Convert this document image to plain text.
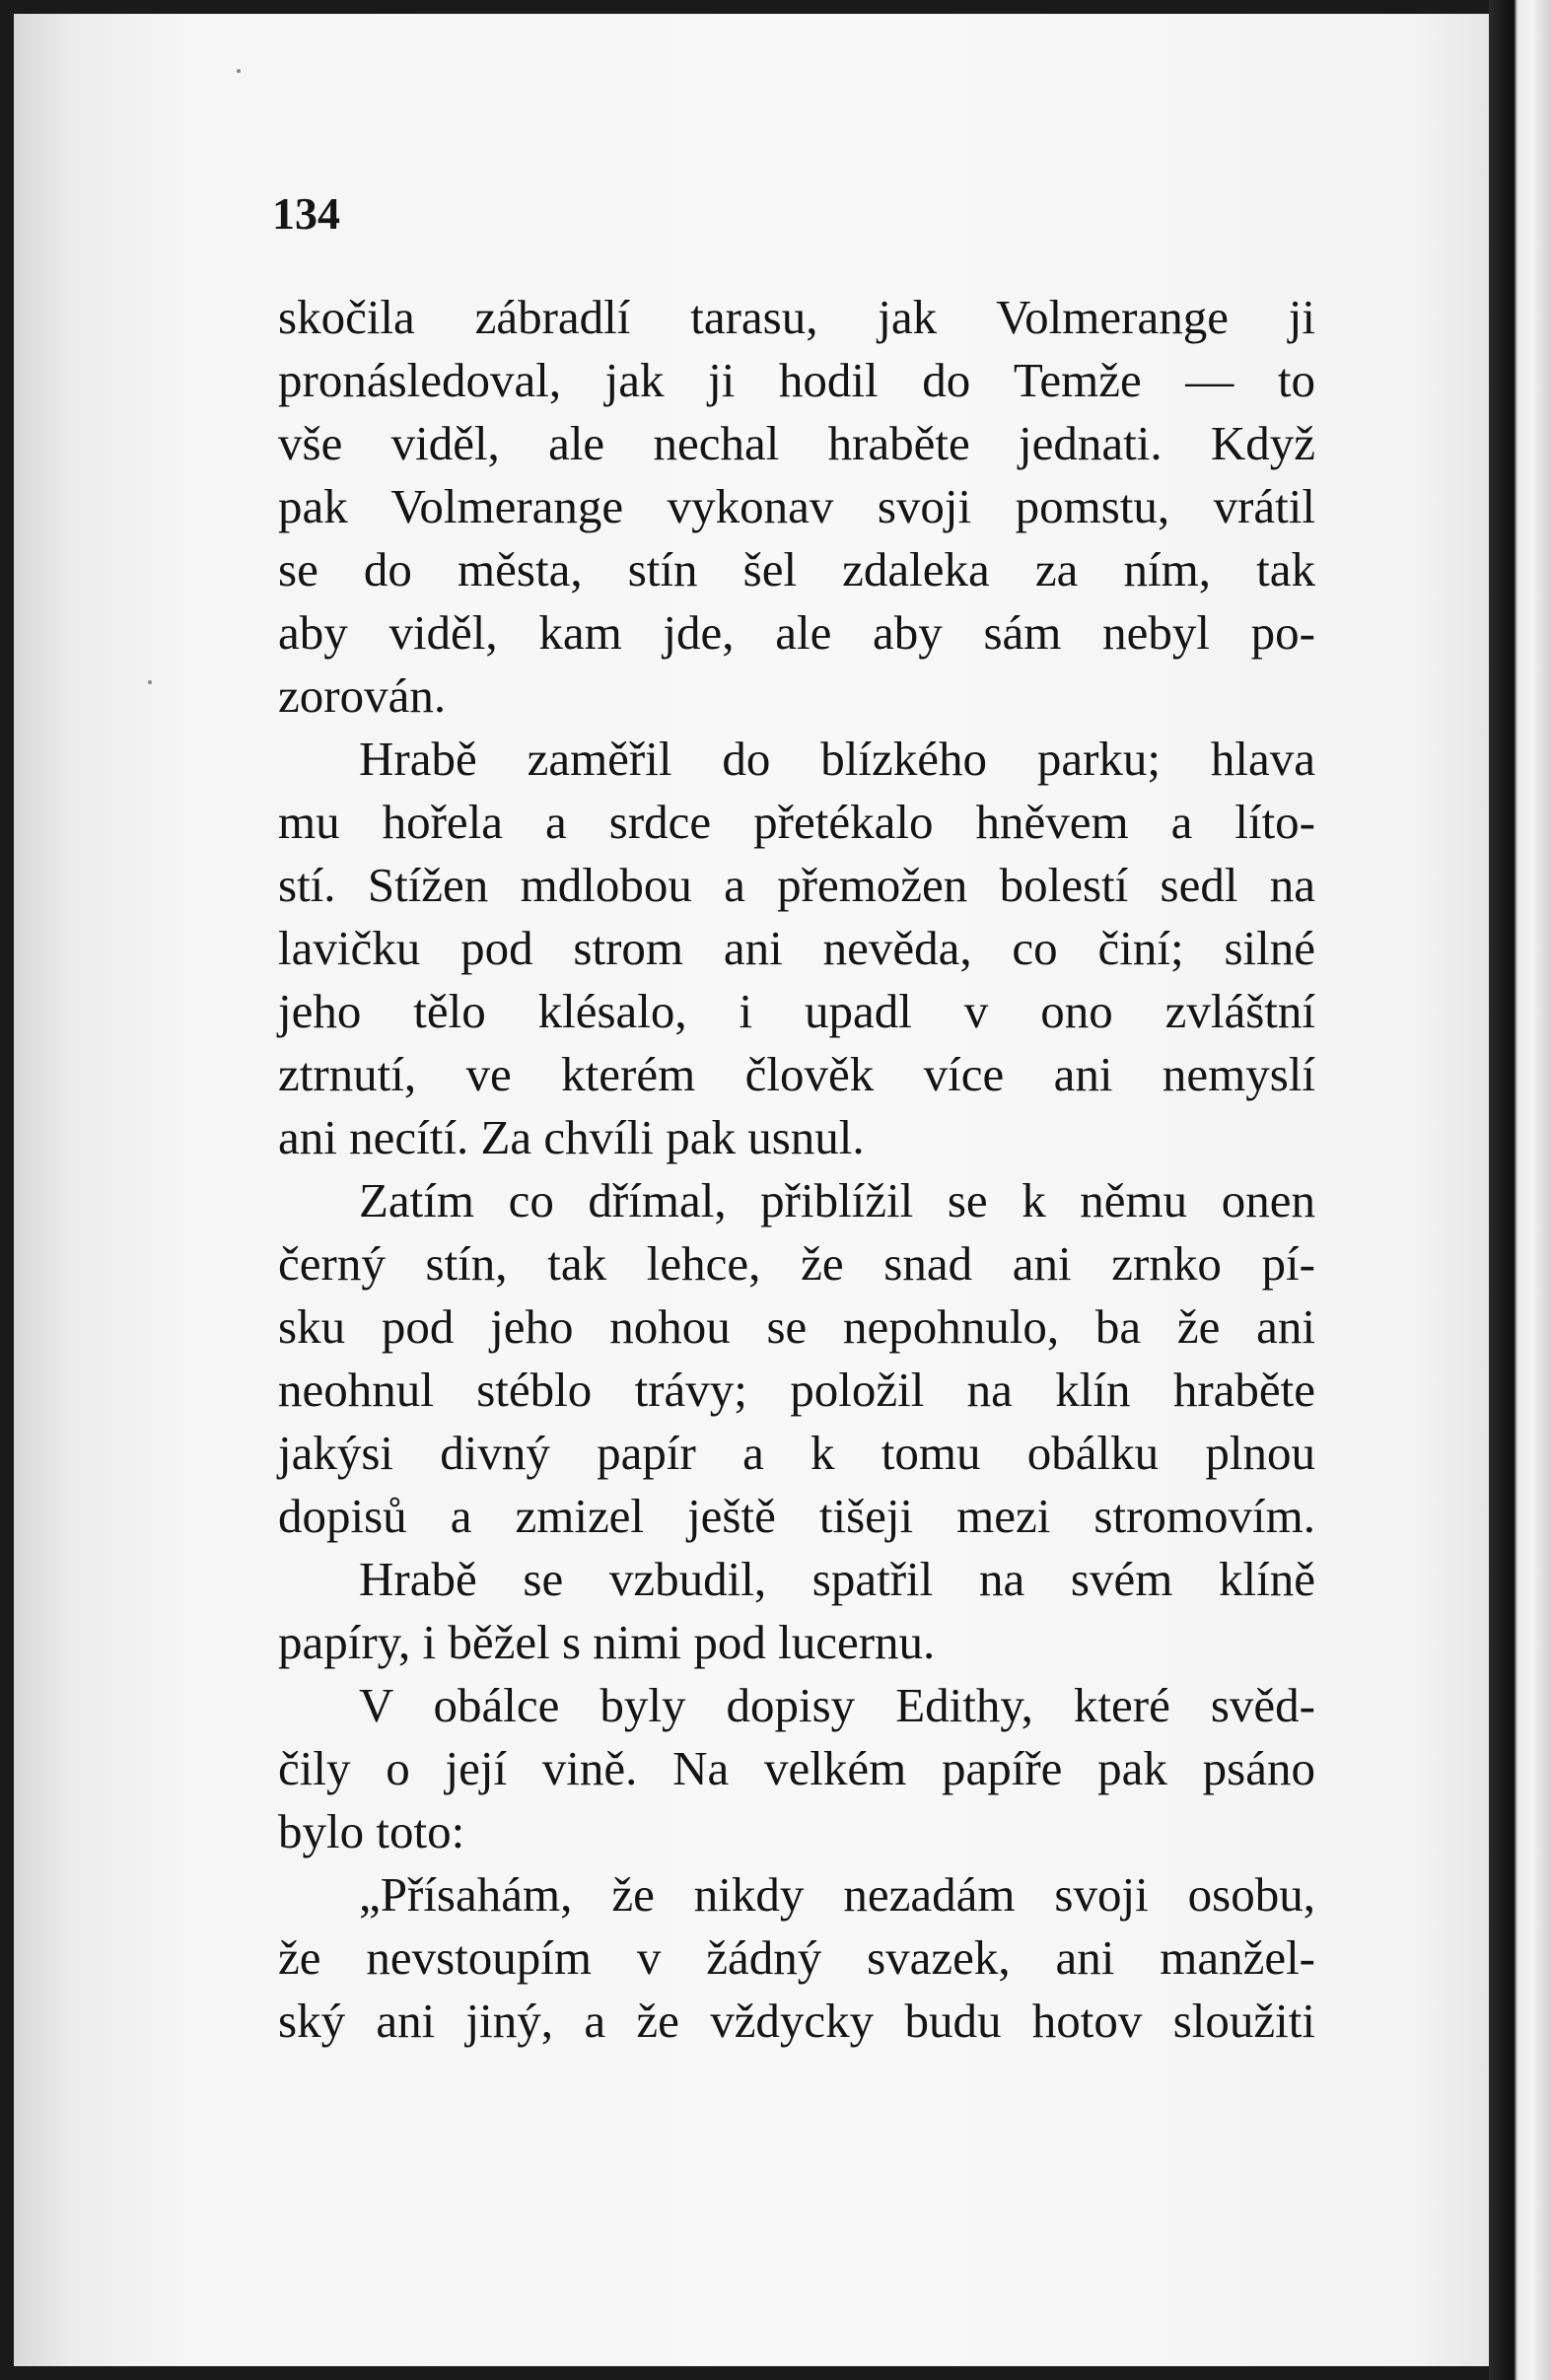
134
skočila zábradlí tarasu, jak Volmerange ji
pronásledoval, jak ji hodil do Temže — to
vše viděl, ale nechal hraběte jednati. Když
pak Volmerange vykonav svoji pomstu, vrátil
se do města, stín šel zdaleka za ním, tak
aby viděl, kam jde, ale aby sám nebyl po-
zorován.
Hrabě zaměřil do blízkého parku; hlava
mu hořela a srdce přetékalo hněvem a líto-
stí. Stížen mdlobou a přemožen bolestí sedl na
lavičku pod strom ani nevěda, co činí; silné
jeho tělo klésalo, i upadl v ono zvláštní
ztrnutí, ve kterém člověk více ani nemyslí
ani necítí. Za chvíli pak usnul.
Zatím co dřímal, přiblížil se k němu onen
černý stín, tak lehce, že snad ani zrnko pí-
sku pod jeho nohou se nepohnulo, ba že ani
neohnul stéblo trávy; položil na klín hraběte
jakýsi divný papír a k tomu obálku plnou
dopisů a zmizel ještě tišeji mezi stromovím.
Hrabě se vzbudil, spatřil na svém klíně
papíry, i běžel s nimi pod lucernu.
V obálce byly dopisy Edithy, které svěd-
čily o její vině. Na velkém papíře pak psáno
bylo toto:
„Přísahám, že nikdy nezadám svoji osobu,
že nevstoupím v žádný svazek, ani manžel-
ský ani jiný, a že vždycky budu hotov sloužiti
